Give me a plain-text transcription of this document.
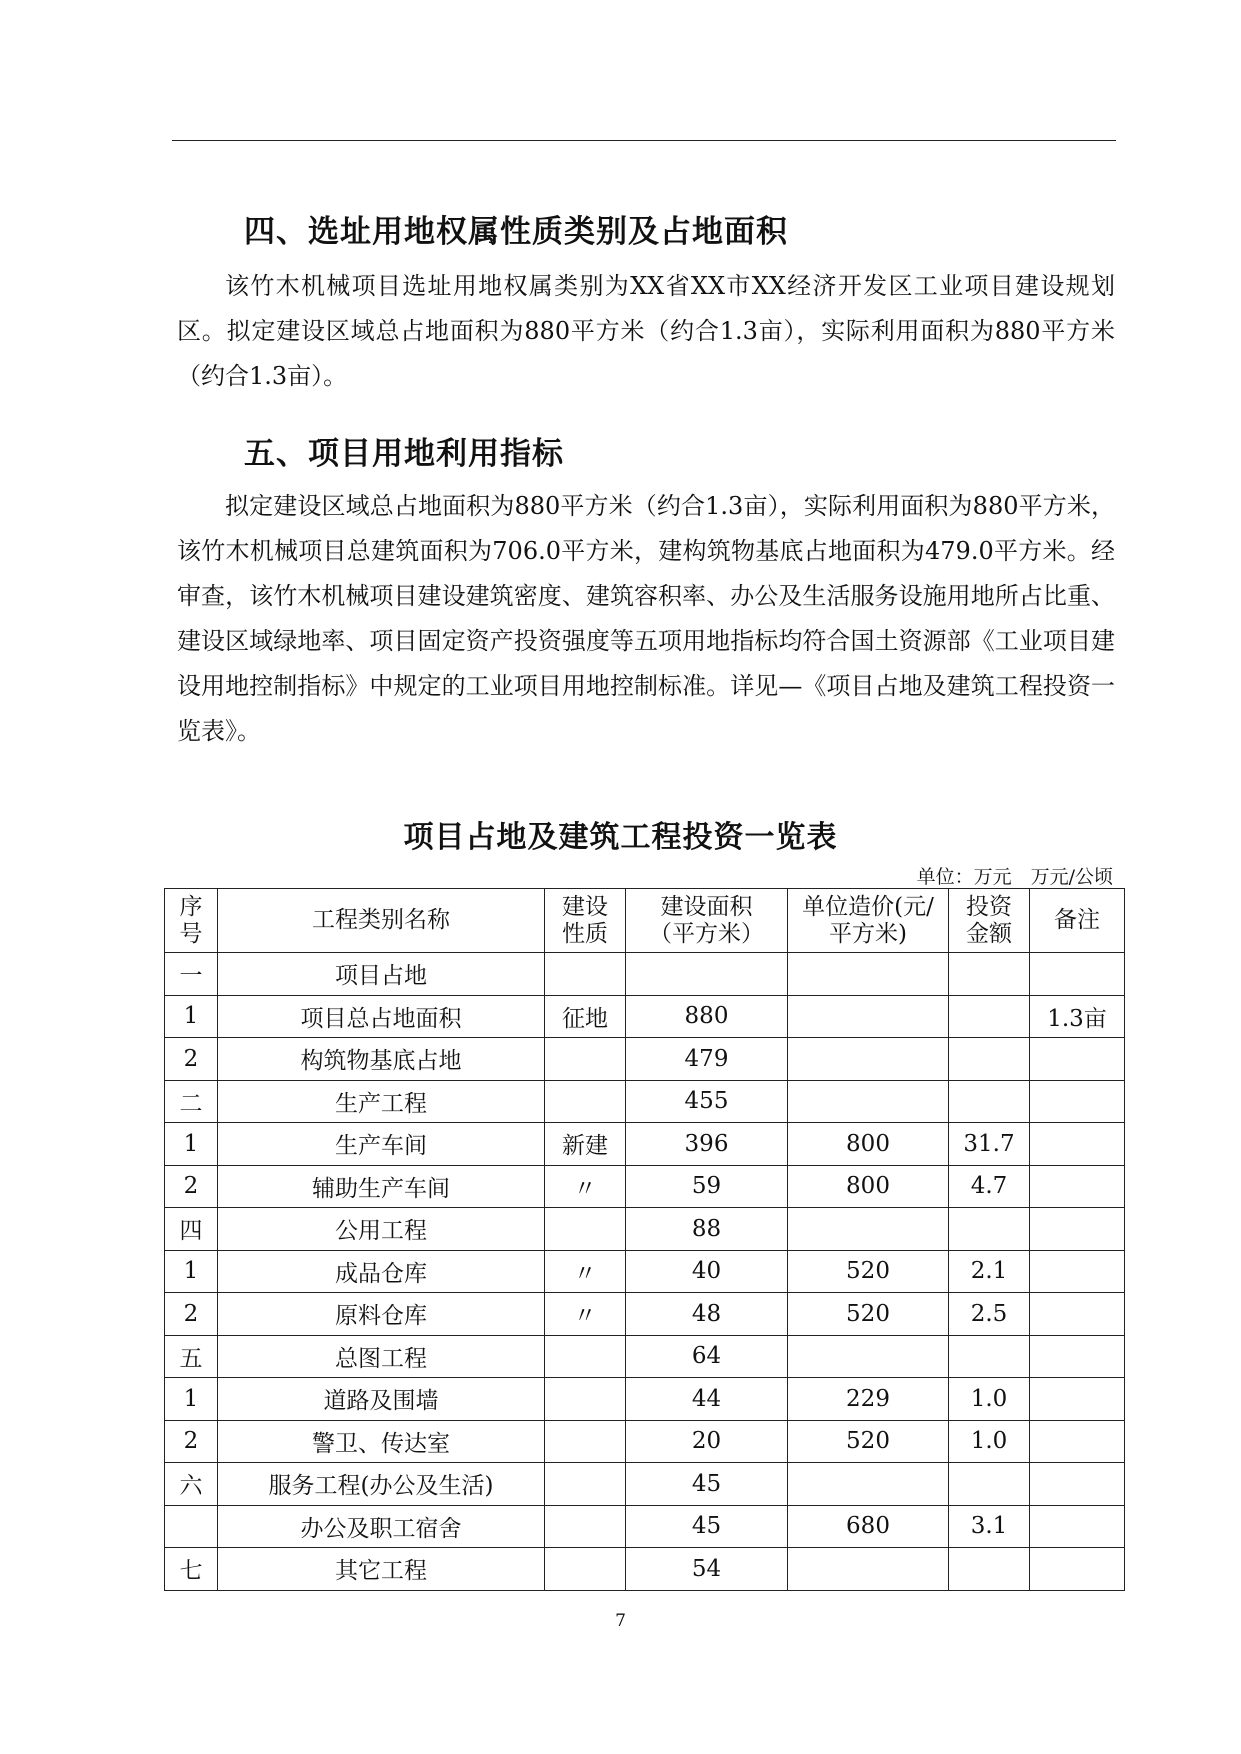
四、选址用地权属性质类别及占地面积
该竹木机械项目选址用地权属类别为XX省XX市XX经济开发区工业项目建设规划区。拟定建设区域总占地面积为880平方米（约合1.3亩），实际利用面积为880平方米（约合1.3亩）。
五、项目用地利用指标
拟定建设区域总占地面积为880平方米（约合1.3亩），实际利用面积为880平方米，该竹木机械项目总建筑面积为706.0平方米，建构筑物基底占地面积为479.0平方米。经审查，该竹木机械项目建设建筑密度、建筑容积率、办公及生活服务设施用地所占比重、建设区域绿地率、项目固定资产投资强度等五项用地指标均符合国土资源部《工业项目建设用地控制指标》中规定的工业项目用地控制标准。详见—《项目占地及建筑工程投资一览表》。
项目占地及建筑工程投资一览表
单位：万元　万元/公顷
序号	工程类别名称	建设性质	建设面积（平方米）	单位造价(元/平方米)	投资金额	备注
一	项目占地					
1	项目总占地面积	征地	880			1.3亩
2	构筑物基底占地		479			
二	生产工程		455			
1	生产车间	新建	396	800	31.7	
2	辅助生产车间	〃	59	800	4.7	
四	公用工程		88			
1	成品仓库	〃	40	520	2.1	
2	原料仓库	〃	48	520	2.5	
五	总图工程		64			
1	道路及围墙		44	229	1.0	
2	警卫、传达室		20	520	1.0	
六	服务工程(办公及生活)		45			
	办公及职工宿舍		45	680	3.1	
七	其它工程		54			
7
